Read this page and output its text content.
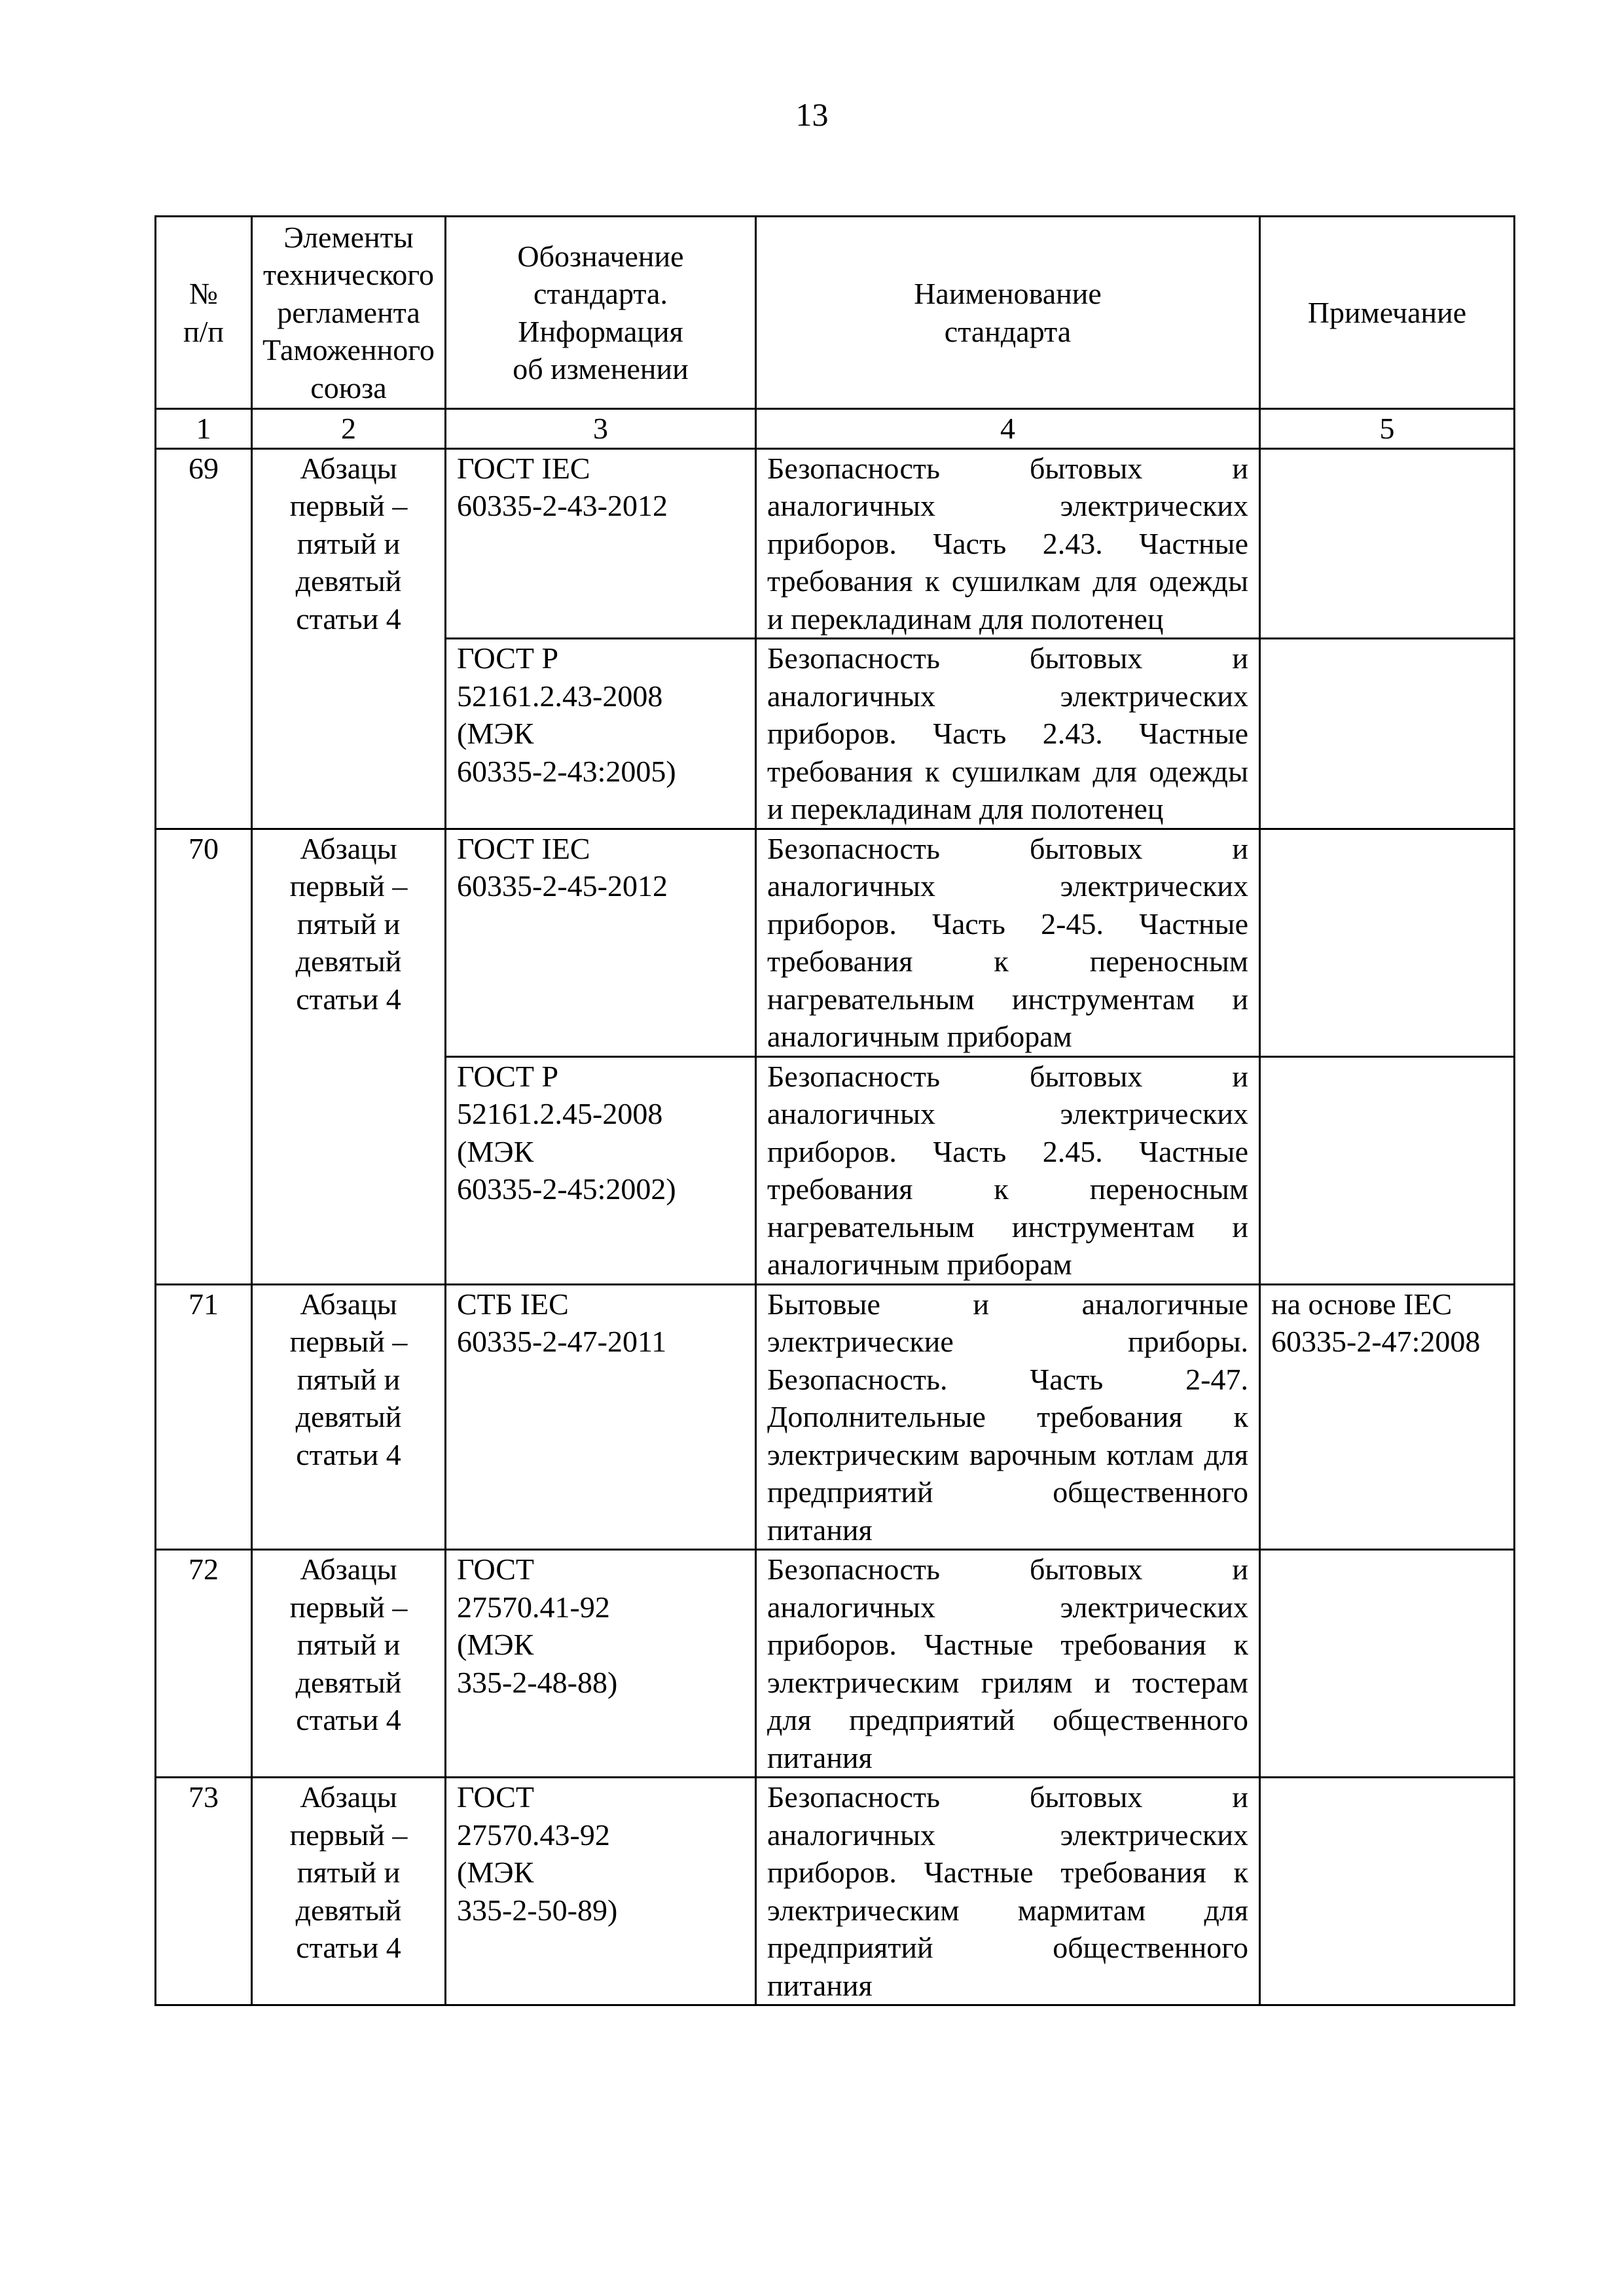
13
№
п/п	Элементы
технического
регламента
Таможенного
союза	Обозначение
стандарта.
Информация
об изменении	Наименование
стандарта	Примечание

1	2	3	4	5
69	Абзацы
первый –
пятый и
девятый
статьи 4	ГОСТ IEC
60335-2-43-2012	Безопасность бытовых и аналогичных электрических приборов. Часть 2.43. Частные требования к сушилкам для одежды и перекладинам для полотенец	

		ГОСТ Р
52161.2.43-2008
(МЭК
60335-2-43:2005)	Безопасность бытовых и аналогичных электрических приборов. Часть 2.43. Частные требования к сушилкам для одежды и перекладинам для полотенец	

70	Абзацы
первый –
пятый и
девятый
статьи 4	ГОСТ IEC
60335-2-45-2012	Безопасность бытовых и аналогичных электрических приборов. Часть 2-45. Частные требования к переносным нагревательным инструментам и аналогичным приборам	

		ГОСТ Р
52161.2.45-2008
(МЭК
60335-2-45:2002)	Безопасность бытовых и аналогичных электрических приборов. Часть 2.45. Частные требования к переносным нагревательным инструментам и аналогичным приборам	

71	Абзацы
первый –
пятый и
девятый
статьи 4	СТБ IEC
60335-2-47-2011	Бытовые и аналогичные электрические приборы. Безопасность. Часть 2-47. Дополнительные требования к электрическим варочным котлам для предприятий общественного питания	на основе IEC
60335-2-47:2008

72	Абзацы
первый –
пятый и
девятый
статьи 4	ГОСТ
27570.41-92
(МЭК
335-2-48-88)	Безопасность бытовых и аналогичных электрических приборов. Частные требования к электрическим грилям и тостерам для предприятий общественного питания	

73	Абзацы
первый –
пятый и
девятый
статьи 4	ГОСТ
27570.43-92
(МЭК
335-2-50-89)	Безопасность бытовых и аналогичных электрических приборов. Частные требования к электрическим мармитам для предприятий общественного питания	
